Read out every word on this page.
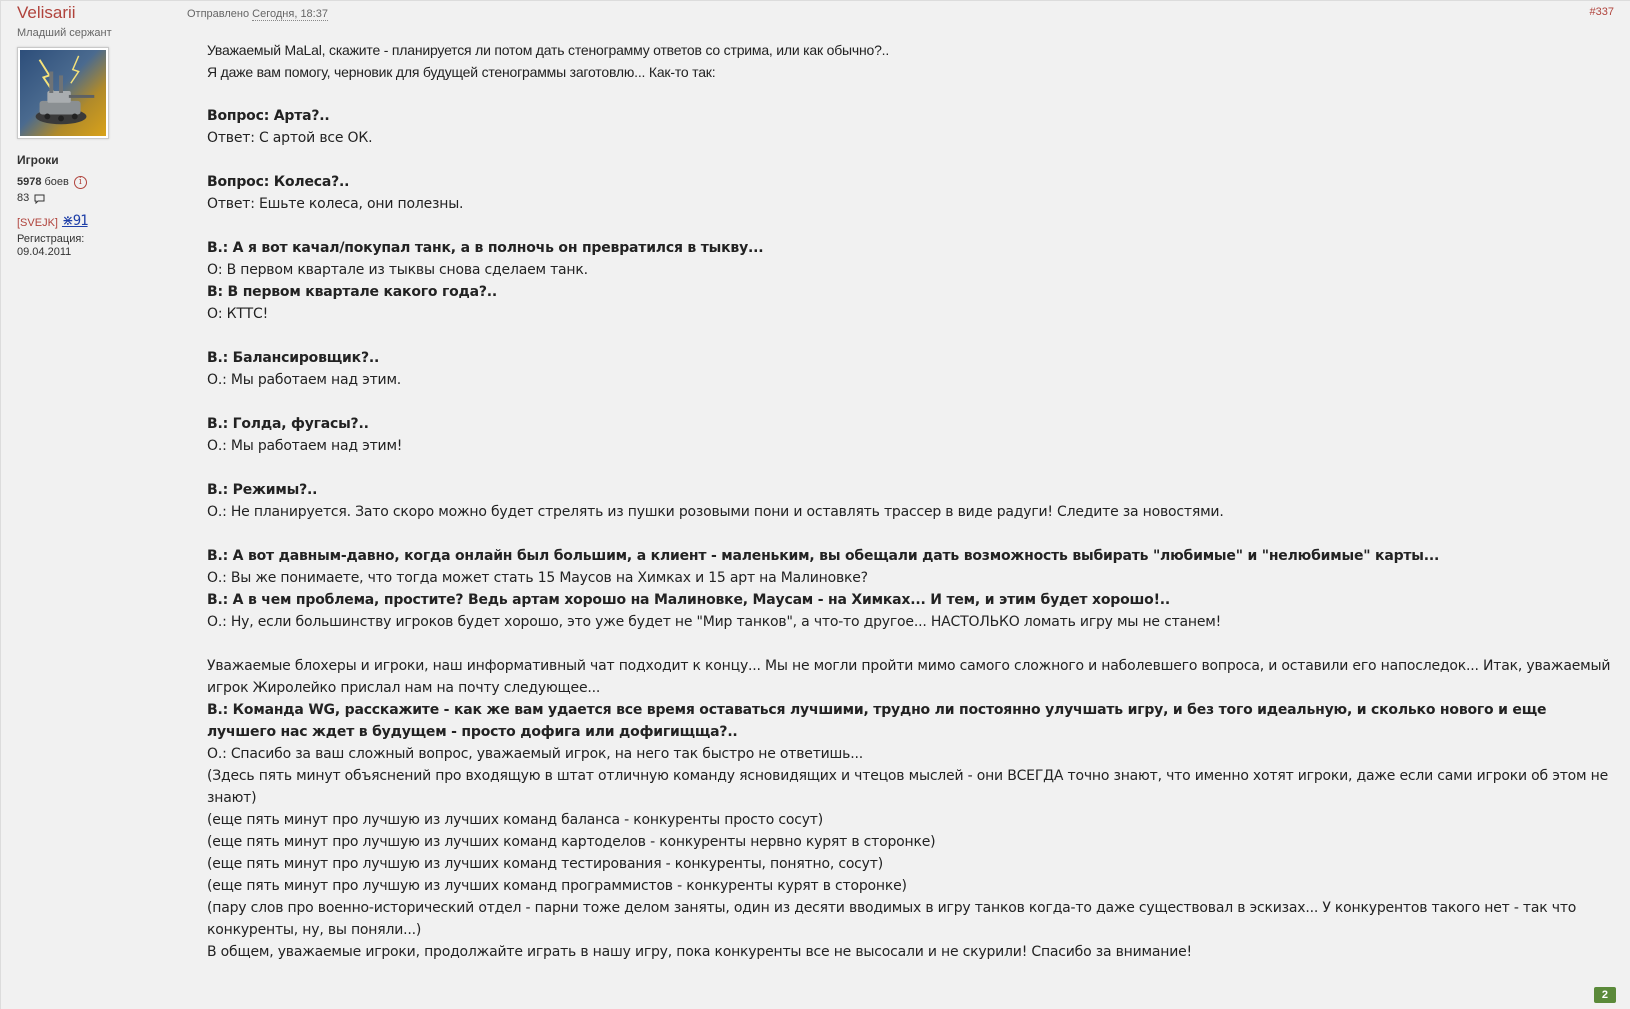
Velisarii
Младший сержант
Игроки
5978 боев	i
83
[SVEJK] ⋇91
Регистрация:
09.04.2011
Отправлено Сегодня, 18:37	#337

Уважаемый MaLal, скажите - планируется ли потом дать стенограмму ответов со стрима, или как обычно?..

Я даже вам помогу, черновик для будущей стенограммы заготовлю... Как-то так:

Вопрос: Арта?..

Ответ: С артой все ОК.

Вопрос: Колеса?..

Ответ: Ешьте колеса, они полезны.

В.: А я вот качал/покупал танк, а в полночь он превратился в тыкву...

О: В первом квартале из тыквы снова сделаем танк.

В: В первом квартале какого года?..

О: КТТС!

В.: Балансировщик?..

О.: Мы работаем над этим.

В.: Голда, фугасы?..

О.: Мы работаем над этим!

В.: Режимы?..

О.: Не планируется. Зато скоро можно будет стрелять из пушки розовыми пони и оставлять трассер в виде радуги! Следите за новостями.

В.: А вот давным-давно, когда онлайн был большим, а клиент - маленьким, вы обещали дать возможность выбирать "любимые" и "нелюбимые" карты...

О.: Вы же понимаете, что тогда может стать 15 Маусов на Химках и 15 арт на Малиновке?

В.: А в чем проблема, простите? Ведь артам хорошо на Малиновке, Маусам - на Химках... И тем, и этим будет хорошо!..

О.: Ну, если большинству игроков будет хорошо, это уже будет не "Мир танков", а что-то другое... НАСТОЛЬКО ломать игру мы не станем!

Уважаемые блохеры и игроки, наш информативный чат подходит к концу... Мы не могли пройти мимо самого сложного и наболевшего вопроса, и оставили его напоследок... Итак, уважаемый игрок Жиролейко прислал нам на почту следующее...

В.: Команда WG, расскажите - как же вам удается все время оставаться лучшими, трудно ли постоянно улучшать игру, и без того идеальную, и сколько нового и еще лучшего нас ждет в будущем - просто дофига или дофигищща?..

О.: Спасибо за ваш сложный вопрос, уважаемый игрок, на него так быстро не ответишь...

(Здесь пять минут объяснений про входящую в штат отличную команду ясновидящих и чтецов мыслей - они ВСЕГДА точно знают, что именно хотят игроки, даже если сами игроки об этом не знают)

(еще пять минут про лучшую из лучших команд баланса - конкуренты просто сосут)

(еще пять минут про лучшую из лучших команд картоделов - конкуренты нервно курят в сторонке)

(еще пять минут про лучшую из лучших команд тестирования - конкуренты, понятно, сосут)

(еще пять минут про лучшую из лучших команд программистов - конкуренты курят в сторонке)

(пару слов про военно-исторический отдел - парни тоже делом заняты, один из десяти вводимых в игру танков когда-то даже существовал в эскизах... У конкурентов такого нет - так что конкуренты, ну, вы поняли...)

В общем, уважаемые игроки, продолжайте играть в нашу игру, пока конкуренты все не высосали и не скурили! Спасибо за внимание!

2
